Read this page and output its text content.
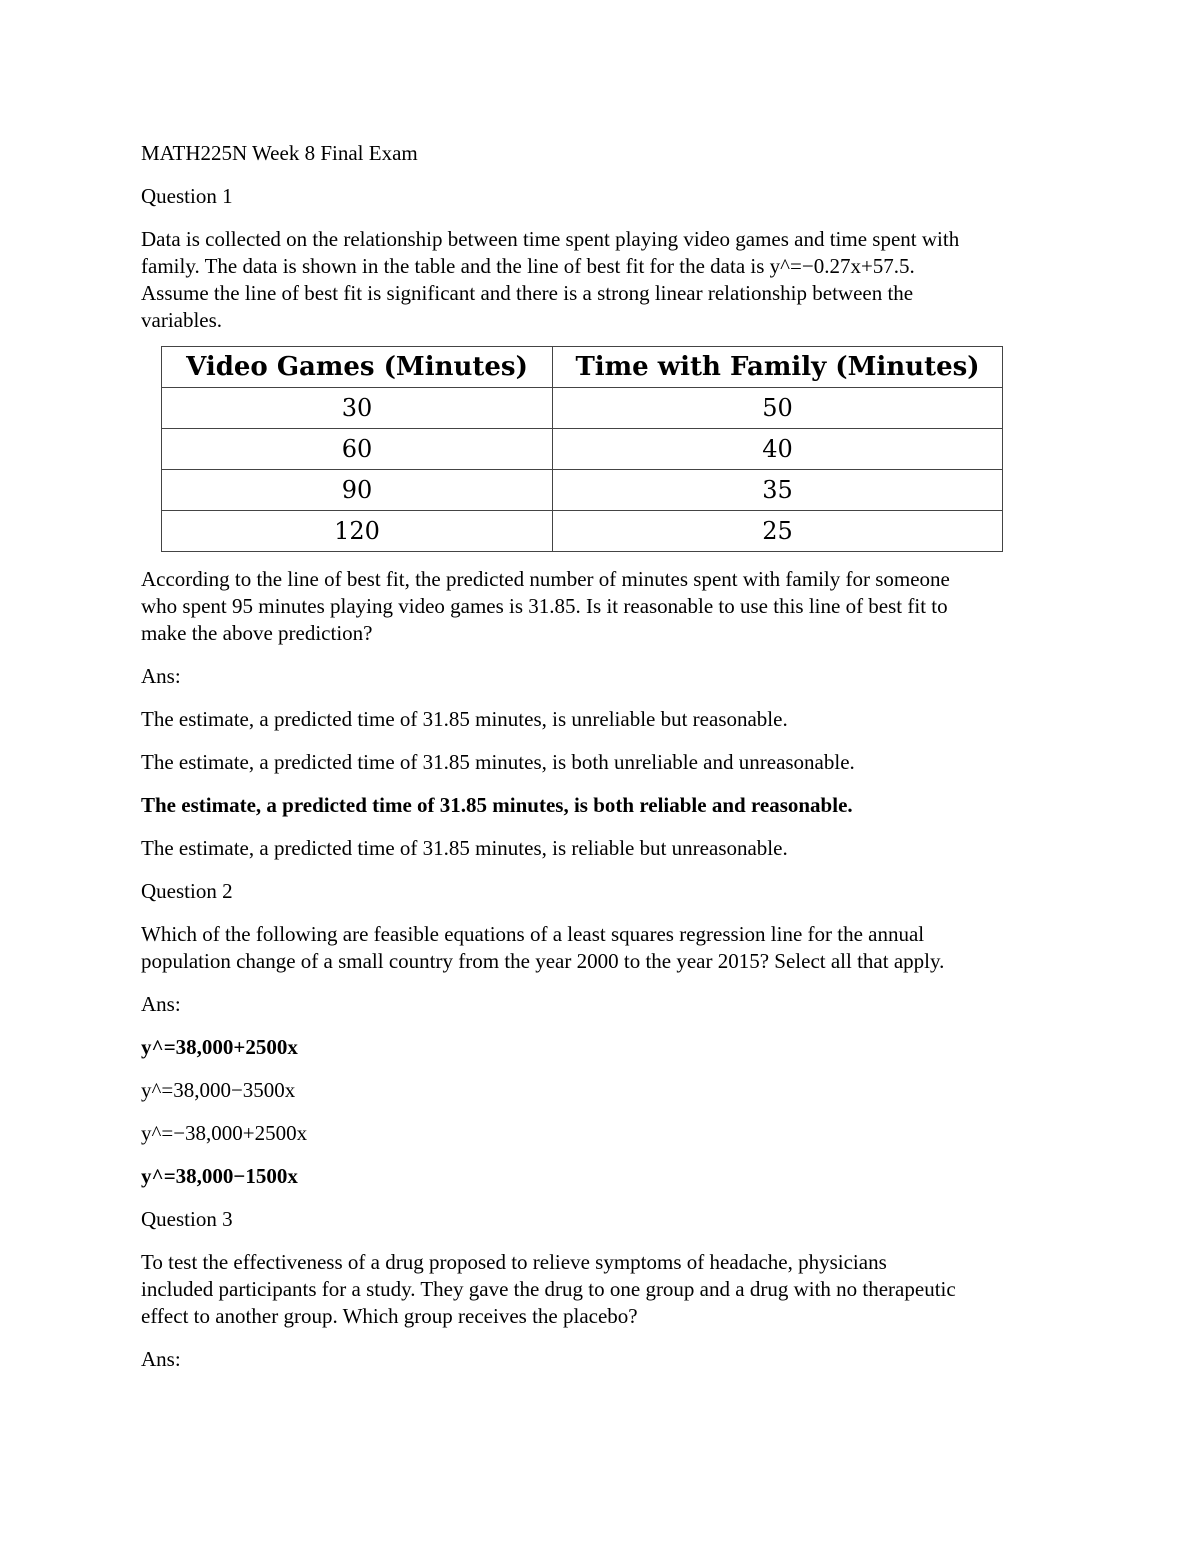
MATH225N Week 8 Final Exam

Question 1

Data is collected on the relationship between time spent playing video games and time spent with

family. The data is shown in the table and the line of best fit for the data is y^=−0.27x+57.5.

Assume the line of best fit is significant and there is a strong linear relationship between the

variables.

Video Games (Minutes)	Time with Family (Minutes)
30	50
60	40
90	35
120	25

According to the line of best fit, the predicted number of minutes spent with family for someone

who spent 95 minutes playing video games is 31.85. Is it reasonable to use this line of best fit to

make the above prediction?

Ans:

The estimate, a predicted time of 31.85 minutes, is unreliable but reasonable.

The estimate, a predicted time of 31.85 minutes, is both unreliable and unreasonable.

The estimate, a predicted time of 31.85 minutes, is both reliable and reasonable.

The estimate, a predicted time of 31.85 minutes, is reliable but unreasonable.

Question 2

Which of the following are feasible equations of a least squares regression line for the annual

population change of a small country from the year 2000 to the year 2015? Select all that apply.

Ans:

y^=38,000+2500x

y^=38,000−3500x

y^=−38,000+2500x

y^=38,000−1500x

Question 3

To test the effectiveness of a drug proposed to relieve symptoms of headache, physicians

included participants for a study. They gave the drug to one group and a drug with no therapeutic

effect to another group. Which group receives the placebo?

Ans:
